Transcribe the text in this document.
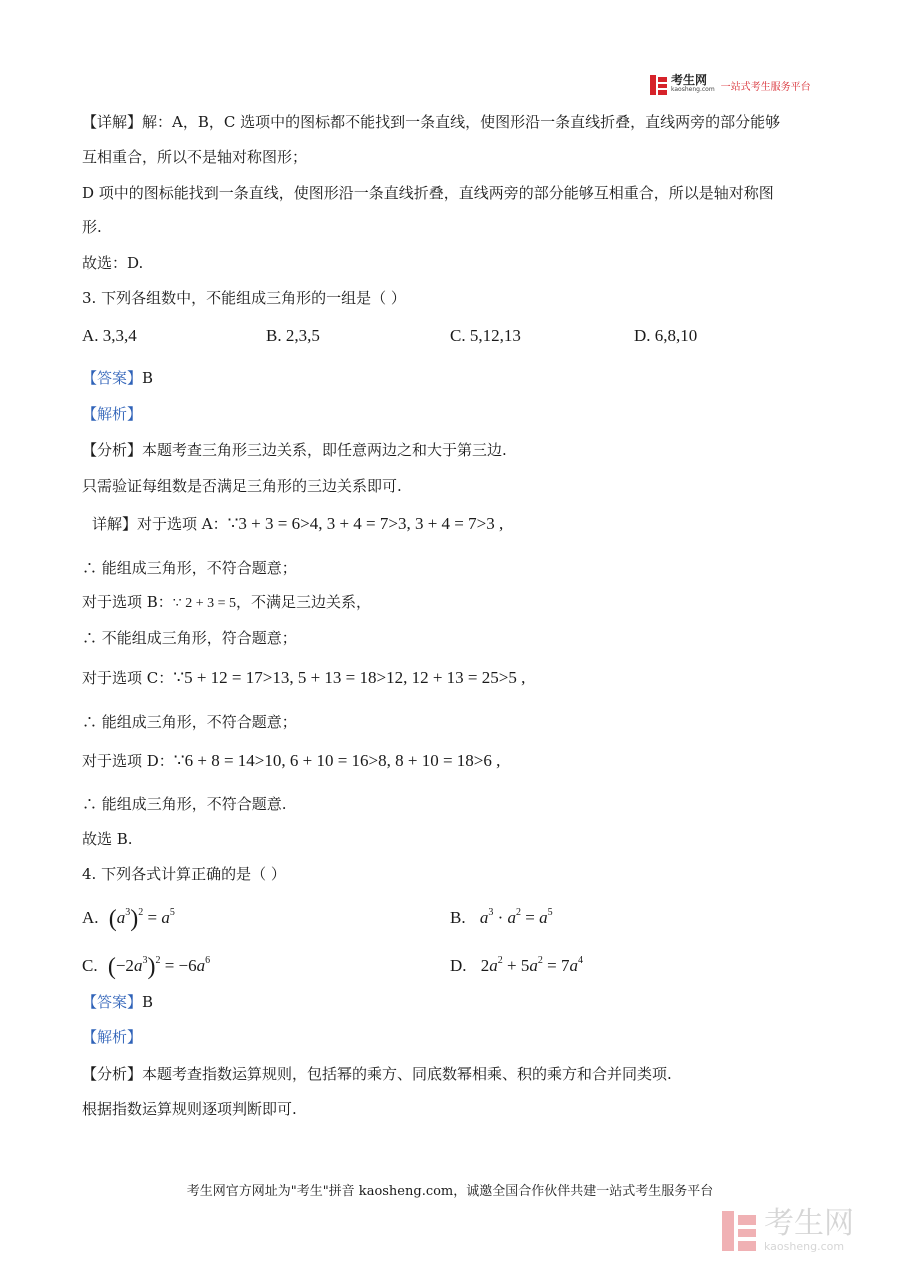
考生网
kaosheng.com 一站式考生服务平台
【详解】解：A，B，C 选项中的图标都不能找到一条直线，使图形沿一条直线折叠，直线两旁的部分能够
互相重合，所以不是轴对称图形；
D 项中的图标能找到一条直线，使图形沿一条直线折叠，直线两旁的部分能够互相重合，所以是轴对称图
形.
故选：D.
3. 下列各组数中，不能组成三角形的一组是（ ）
A. 3,3,4	B. 2,3,5	C. 5,12,13	D. 6,8,10
【答案】B
【解析】
【分析】本题考查三角形三边关系，即任意两边之和大于第三边.
只需验证每组数是否满足三角形的三边关系即可.
详解】对于选项 A：∵3 + 3 = 6>4, 3 + 4 = 7>3, 3 + 4 = 7>3 ,
∴ 能组成三角形，不符合题意；
对于选项 B：∵ 2 + 3 = 5，不满足三边关系，
∴ 不能组成三角形，符合题意；
对于选项 C：∵5 + 12 = 17>13, 5 + 13 = 18>12, 12 + 13 = 25>5 ,
∴ 能组成三角形，不符合题意；
对于选项 D：∵6 + 8 = 14>10, 6 + 10 = 16>8, 8 + 10 = 18>6 ,
∴ 能组成三角形，不符合题意.
故选 B.
4. 下列各式计算正确的是（ ）
A. $(a^3)^2 = a^5$	B. $a^3 \cdot a^2 = a^5$
C. $(-2a^3)^2 = -6a^6$	D. $2a^2 + 5a^2 = 7a^4$
【答案】B
【解析】
【分析】本题考查指数运算规则，包括幂的乘方、同底数幂相乘、积的乘方和合并同类项.
根据指数运算规则逐项判断即可.
考生网官方网址为"考生"拼音 kaosheng.com，诚邀全国合作伙伴共建一站式考生服务平台
考生网
kaosheng.com
